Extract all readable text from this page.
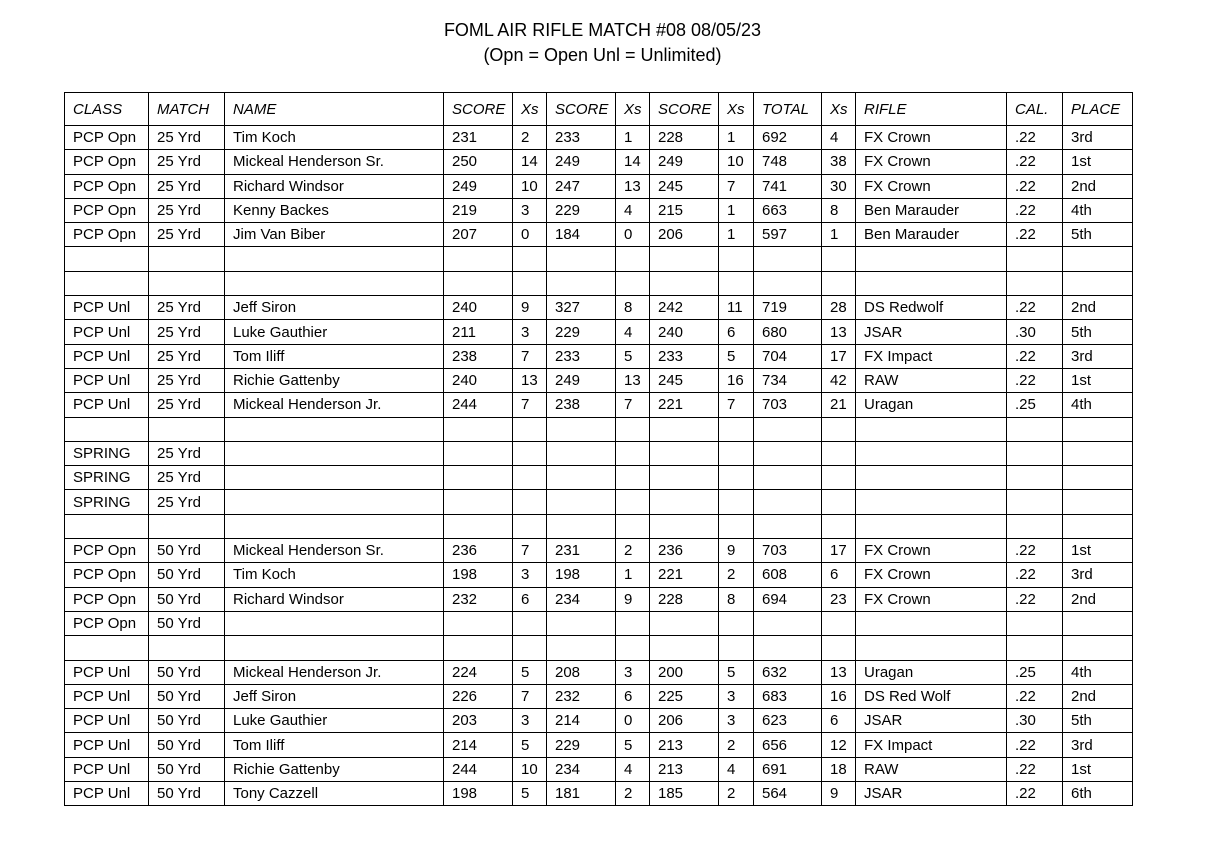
FOML AIR RIFLE MATCH #08 08/05/23
(Opn = Open Unl = Unlimited)
CLASS	MATCH	NAME	SCORE	Xs	SCORE	Xs	SCORE	Xs	TOTAL	Xs	RIFLE	CAL.	PLACE
PCP Opn	25 Yrd	Tim Koch	231	2	233	1	228	1	692	4	FX Crown	.22	3rd
PCP Opn	25 Yrd	Mickeal Henderson Sr.	250	14	249	14	249	10	748	38	FX Crown	.22	1st
PCP Opn	25 Yrd	Richard Windsor	249	10	247	13	245	7	741	30	FX Crown	.22	2nd
PCP Opn	25 Yrd	Kenny Backes	219	3	229	4	215	1	663	8	Ben Marauder	.22	4th
PCP Opn	25 Yrd	Jim Van Biber	207	0	184	0	206	1	597	1	Ben Marauder	.22	5th

PCP Unl	25 Yrd	Jeff Siron	240	9	327	8	242	11	719	28	DS Redwolf	.22	2nd
PCP Unl	25 Yrd	Luke Gauthier	211	3	229	4	240	6	680	13	JSAR	.30	5th
PCP Unl	25 Yrd	Tom Iliff	238	7	233	5	233	5	704	17	FX Impact	.22	3rd
PCP Unl	25 Yrd	Richie Gattenby	240	13	249	13	245	16	734	42	RAW	.22	1st
PCP Unl	25 Yrd	Mickeal Henderson Jr.	244	7	238	7	221	7	703	21	Uragan	.25	4th

SPRING	25 Yrd												
SPRING	25 Yrd												
SPRING	25 Yrd												

PCP Opn	50 Yrd	Mickeal Henderson Sr.	236	7	231	2	236	9	703	17	FX Crown	.22	1st
PCP Opn	50 Yrd	Tim Koch	198	3	198	1	221	2	608	6	FX Crown	.22	3rd
PCP Opn	50 Yrd	Richard Windsor	232	6	234	9	228	8	694	23	FX Crown	.22	2nd
PCP Opn	50 Yrd												

PCP Unl	50 Yrd	Mickeal Henderson Jr.	224	5	208	3	200	5	632	13	Uragan	.25	4th
PCP Unl	50 Yrd	Jeff Siron	226	7	232	6	225	3	683	16	DS Red Wolf	.22	2nd
PCP Unl	50 Yrd	Luke Gauthier	203	3	214	0	206	3	623	6	JSAR	.30	5th
PCP Unl	50 Yrd	Tom Iliff	214	5	229	5	213	2	656	12	FX Impact	.22	3rd
PCP Unl	50 Yrd	Richie Gattenby	244	10	234	4	213	4	691	18	RAW	.22	1st
PCP Unl	50 Yrd	Tony Cazzell	198	5	181	2	185	2	564	9	JSAR	.22	6th
